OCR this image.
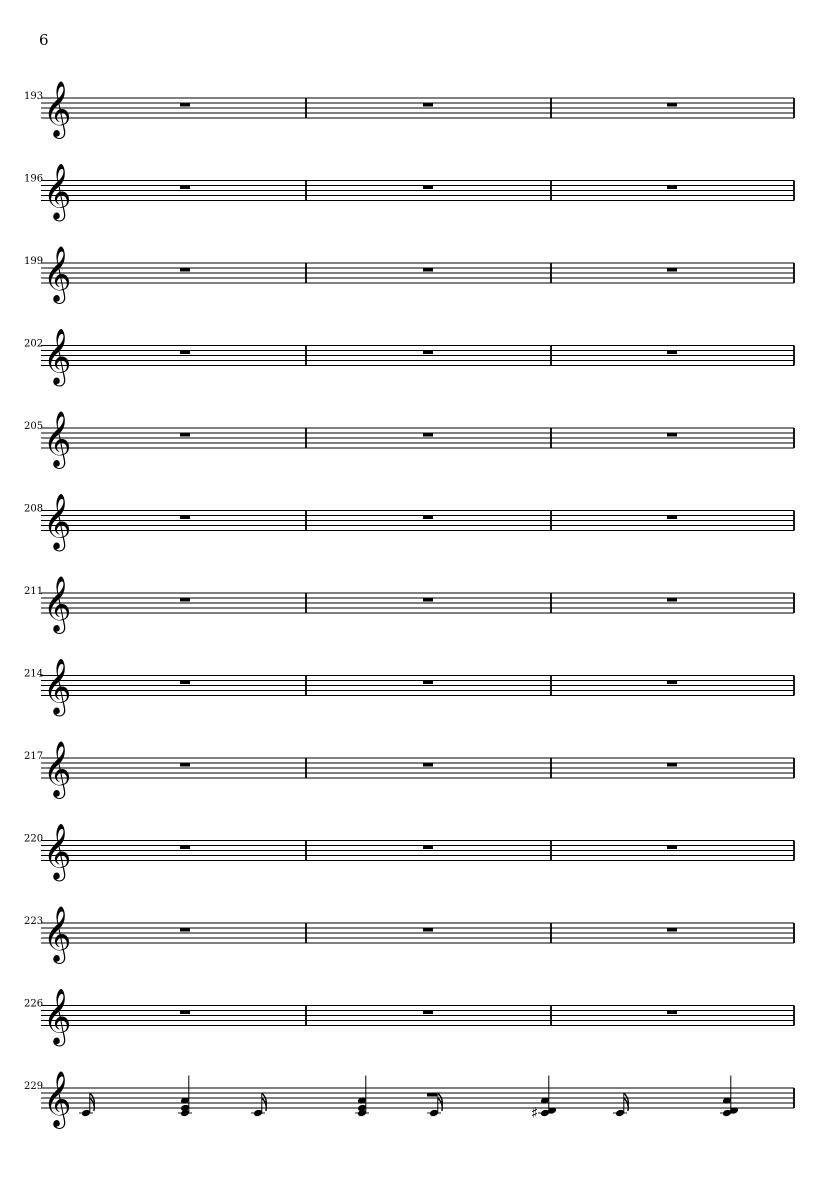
6
𝄞
193
𝄞
196
𝄞
199
𝄞
202
𝄞
205
𝄞
208
𝄞
211
𝄞
214
𝄞
217
𝄞
220
𝄞
223
𝄞
226
𝄞
229
♯
